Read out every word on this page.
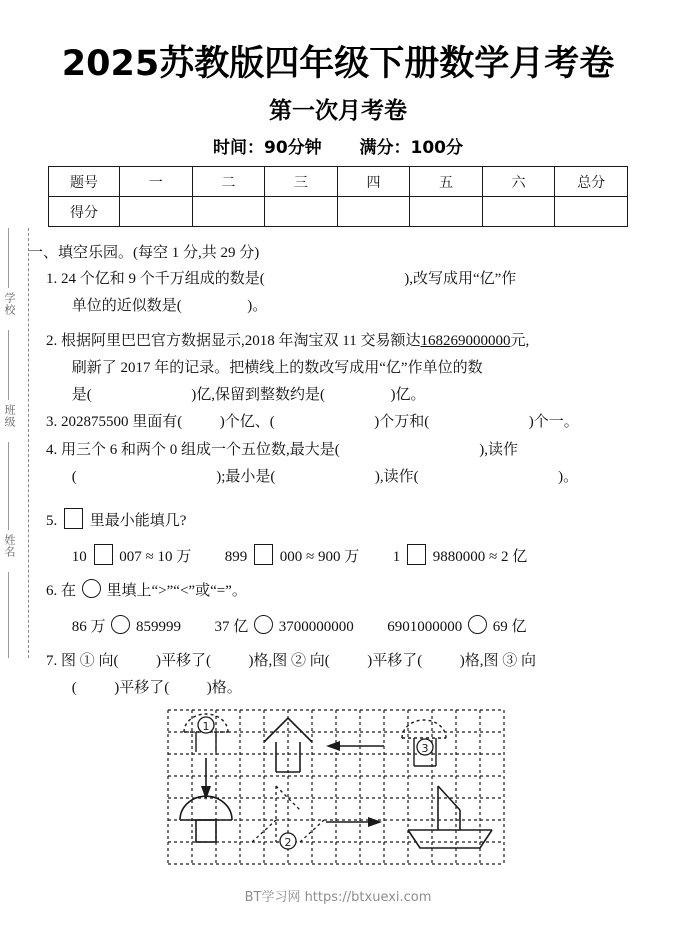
学校
班级
姓名
2025苏教版四年级下册数学月考卷
第一次月考卷
时间：90分钟 满分：100分
题号	一	二	三	四	五	六	总分
得分							
一、填空乐园。(每空 1 分,共 29 分)
1. 24 个亿和 9 个千万组成的数是(	),改写成用“亿”作
单位的近似数是(	)。
2. 根据阿里巴巴官方数据显示,2018 年淘宝双 11 交易额达168269000000元,
刷新了 2017 年的记录。把横线上的数改写成用“亿”作单位的数
是(	)亿,保留到整数约是(	)亿。
3. 202875500 里面有(	)个亿、(	)个万和(	)个一。
4. 用三个 6 和两个 0 组成一个五位数,最大是(	),读作
(	);最小是(	),读作(	)。
5. 里最小能填几?
10 007 ≈ 10 万 899 000 ≈ 900 万 1 9880000 ≈ 2 亿
6. 在 里填上“>”“<”或“=”。
86 万 859999 37 亿 3700000000 6901000000 69 亿
7. 图 ① 向(	)平移了(	)格,图 ② 向(	)平移了(	)格,图 ③ 向
(	)平移了(	)格。
1
2
3
BT学习网 https://btxuexi.com
